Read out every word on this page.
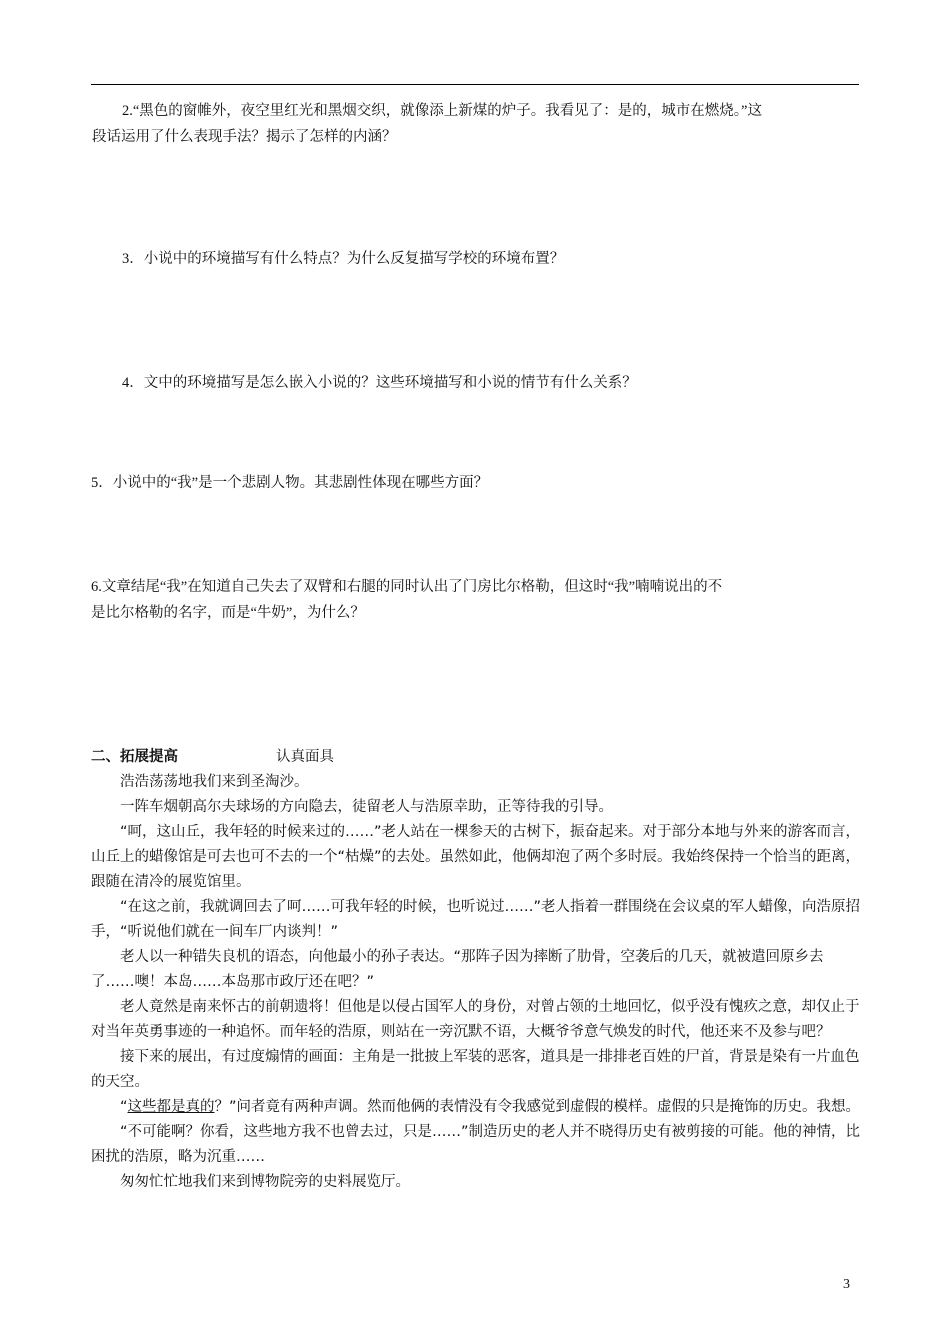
2.“黑色的窗帷外，夜空里红光和黑烟交织，就像添上新煤的炉子。我看见了：是的，城市在燃烧。”这
段话运用了什么表现手法？揭示了怎样的内涵？
3．小说中的环境描写有什么特点？为什么反复描写学校的环境布置？
4．文中的环境描写是怎么嵌入小说的？这些环境描写和小说的情节有什么关系？
5．小说中的“我”是一个悲剧人物。其悲剧性体现在哪些方面？
6.文章结尾“我”在知道自己失去了双臂和右腿的同时认出了门房比尔格勒，但这时“我”喃喃说出的不
是比尔格勒的名字，而是“牛奶”，为什么？

二、拓展提高	认真面具

浩浩荡荡地我们来到圣淘沙。

一阵车烟朝高尔夫球场的方向隐去，徒留老人与浩原幸助，正等待我的引导。

“呵，这山丘，我年轻的时候来过的……”老人站在一棵参天的古树下，振奋起来。对于部分本地与外来的游客而言，山丘上的蜡像馆是可去也可不去的一个“枯燥”的去处。虽然如此，他俩却泡了两个多时辰。我始终保持一个恰当的距离，跟随在清冷的展览馆里。

“在这之前，我就调回去了呵……可我年轻的时候，也听说过……”老人指着一群围绕在会议桌的军人蜡像，向浩原招手，“听说他们就在一间车厂内谈判！”

老人以一种错失良机的语态，向他最小的孙子表达。“那阵子因为摔断了肋骨，空袭后的几天，就被遣回原乡去了……噢！本岛……本岛那市政厅还在吧？”

老人竟然是南来怀古的前朝遗将！但他是以侵占国军人的身份，对曾占领的土地回忆，似乎没有愧疚之意，却仅止于对当年英勇事迹的一种追怀。而年轻的浩原，则站在一旁沉默不语，大概爷爷意气焕发的时代，他还来不及参与吧？

接下来的展出，有过度煽情的画面：主角是一批披上军装的恶客，道具是一排排老百姓的尸首，背景是染有一片血色的天空。

“这些都是真的？”问者竟有两种声调。然而他俩的表情没有令我感觉到虚假的模样。虚假的只是掩饰的历史。我想。

“不可能啊？你看，这些地方我不也曾去过，只是……”制造历史的老人并不晓得历史有被剪接的可能。他的神情，比困扰的浩原，略为沉重……

匆匆忙忙地我们来到博物院旁的史料展览厅。

3
